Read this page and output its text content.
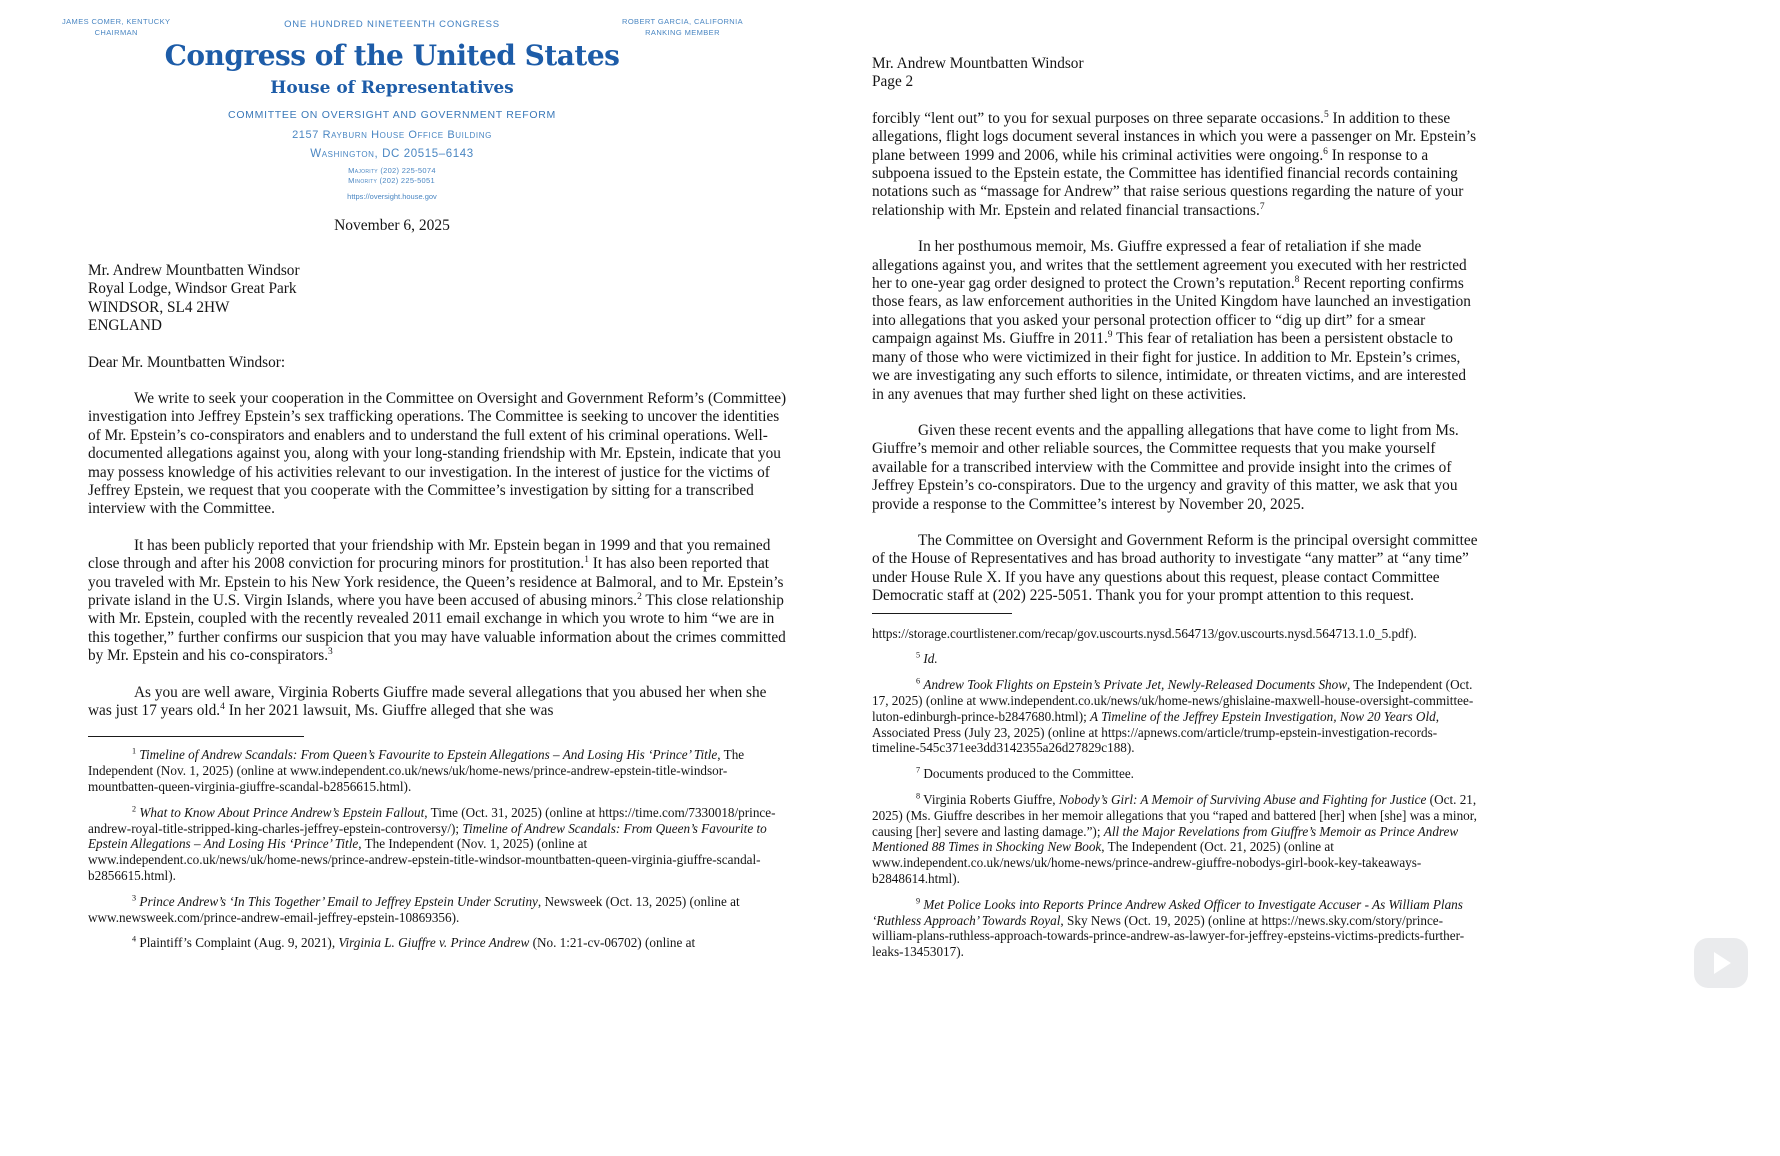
JAMES COMER, KENTUCKY
CHAIRMAN
ROBERT GARCIA, CALIFORNIA
RANKING MEMBER
ONE HUNDRED NINETEENTH CONGRESS
Congress of the United States
House of Representatives
COMMITTEE ON OVERSIGHT AND GOVERNMENT REFORM
2157 Rayburn House Office Building
Washington, DC 20515–6143
Majority (202) 225-5074
Minority (202) 225-5051
https://oversight.house.gov
November 6, 2025
Mr. Andrew Mountbatten Windsor
Royal Lodge, Windsor Great Park
WINDSOR, SL4 2HW
ENGLAND
Dear Mr. Mountbatten Windsor:

We write to seek your cooperation in the Committee on Oversight and Government Reform’s (Committee) investigation into Jeffrey Epstein’s sex trafficking operations. The Committee is seeking to uncover the identities of Mr. Epstein’s co-conspirators and enablers and to understand the full extent of his criminal operations. Well-documented allegations against you, along with your long-standing friendship with Mr. Epstein, indicate that you may possess knowledge of his activities relevant to our investigation. In the interest of justice for the victims of Jeffrey Epstein, we request that you cooperate with the Committee’s investigation by sitting for a transcribed interview with the Committee.

It has been publicly reported that your friendship with Mr. Epstein began in 1999 and that you remained close through and after his 2008 conviction for procuring minors for prostitution.$^1$ It has also been reported that you traveled with Mr. Epstein to his New York residence, the Queen’s residence at Balmoral, and to Mr. Epstein’s private island in the U.S. Virgin Islands, where you have been accused of abusing minors.$^2$ This close relationship with Mr. Epstein, coupled with the recently revealed 2011 email exchange in which you wrote to him “we are in this together,” further confirms our suspicion that you may have valuable information about the crimes committed by Mr. Epstein and his co-conspirators.$^3$

As you are well aware, Virginia Roberts Giuffre made several allegations that you abused her when she was just 17 years old.$^4$ In her 2021 lawsuit, Ms. Giuffre alleged that she was

$^1$ Timeline of Andrew Scandals: From Queen’s Favourite to Epstein Allegations – And Losing His ‘Prince’ Title, The Independent (Nov. 1, 2025) (online at www.independent.co.uk/news/uk/home-news/prince-andrew-epstein-title-windsor-mountbatten-queen-virginia-giuffre-scandal-b2856615.html).

$^2$ What to Know About Prince Andrew’s Epstein Fallout, Time (Oct. 31, 2025) (online at https://time.com/7330018/prince-andrew-royal-title-stripped-king-charles-jeffrey-epstein-controversy/); Timeline of Andrew Scandals: From Queen’s Favourite to Epstein Allegations – And Losing His ‘Prince’ Title, The Independent (Nov. 1, 2025) (online at www.independent.co.uk/news/uk/home-news/prince-andrew-epstein-title-windsor-mountbatten-queen-virginia-giuffre-scandal-b2856615.html).

$^3$ Prince Andrew’s ‘In This Together’ Email to Jeffrey Epstein Under Scrutiny, Newsweek (Oct. 13, 2025) (online at www.newsweek.com/prince-andrew-email-jeffrey-epstein-10869356).

$^4$ Plaintiff’s Complaint (Aug. 9, 2021), Virginia L. Giuffre v. Prince Andrew (No. 1:21-cv-06702) (online at

Mr. Andrew Mountbatten Windsor
Page 2

forcibly “lent out” to you for sexual purposes on three separate occasions.$^5$ In addition to these allegations, flight logs document several instances in which you were a passenger on Mr. Epstein’s plane between 1999 and 2006, while his criminal activities were ongoing.$^6$ In response to a subpoena issued to the Epstein estate, the Committee has identified financial records containing notations such as “massage for Andrew” that raise serious questions regarding the nature of your relationship with Mr. Epstein and related financial transactions.$^7$

In her posthumous memoir, Ms. Giuffre expressed a fear of retaliation if she made allegations against you, and writes that the settlement agreement you executed with her restricted her to one-year gag order designed to protect the Crown’s reputation.$^8$ Recent reporting confirms those fears, as law enforcement authorities in the United Kingdom have launched an investigation into allegations that you asked your personal protection officer to “dig up dirt” for a smear campaign against Ms. Giuffre in 2011.$^9$ This fear of retaliation has been a persistent obstacle to many of those who were victimized in their fight for justice. In addition to Mr. Epstein’s crimes, we are investigating any such efforts to silence, intimidate, or threaten victims, and are interested in any avenues that may further shed light on these activities.

Given these recent events and the appalling allegations that have come to light from Ms. Giuffre’s memoir and other reliable sources, the Committee requests that you make yourself available for a transcribed interview with the Committee and provide insight into the crimes of Jeffrey Epstein’s co-conspirators. Due to the urgency and gravity of this matter, we ask that you provide a response to the Committee’s interest by November 20, 2025.

The Committee on Oversight and Government Reform is the principal oversight committee of the House of Representatives and has broad authority to investigate “any matter” at “any time” under House Rule X. If you have any questions about this request, please contact Committee Democratic staff at (202) 225-5051. Thank you for your prompt attention to this request.

https://storage.courtlistener.com/recap/gov.uscourts.nysd.564713/gov.uscourts.nysd.564713.1.0_5.pdf).

$^5$ Id.

$^6$ Andrew Took Flights on Epstein’s Private Jet, Newly-Released Documents Show, The Independent (Oct. 17, 2025) (online at www.independent.co.uk/news/uk/home-news/ghislaine-maxwell-house-oversight-committee-luton-edinburgh-prince-b2847680.html); A Timeline of the Jeffrey Epstein Investigation, Now 20 Years Old, Associated Press (July 23, 2025) (online at https://apnews.com/article/trump-epstein-investigation-records-timeline-545c371ee3dd3142355a26d27829c188).

$^7$ Documents produced to the Committee.

$^8$ Virginia Roberts Giuffre, Nobody’s Girl: A Memoir of Surviving Abuse and Fighting for Justice (Oct. 21, 2025) (Ms. Giuffre describes in her memoir allegations that you “raped and battered [her] when [she] was a minor, causing [her] severe and lasting damage.”); All the Major Revelations from Giuffre’s Memoir as Prince Andrew Mentioned 88 Times in Shocking New Book, The Independent (Oct. 21, 2025) (online at www.independent.co.uk/news/uk/home-news/prince-andrew-giuffre-nobodys-girl-book-key-takeaways-b2848614.html).

$^9$ Met Police Looks into Reports Prince Andrew Asked Officer to Investigate Accuser - As William Plans ‘Ruthless Approach’ Towards Royal, Sky News (Oct. 19, 2025) (online at https://news.sky.com/story/prince-william-plans-ruthless-approach-towards-prince-andrew-as-lawyer-for-jeffrey-epsteins-victims-predicts-further-leaks-13453017).
